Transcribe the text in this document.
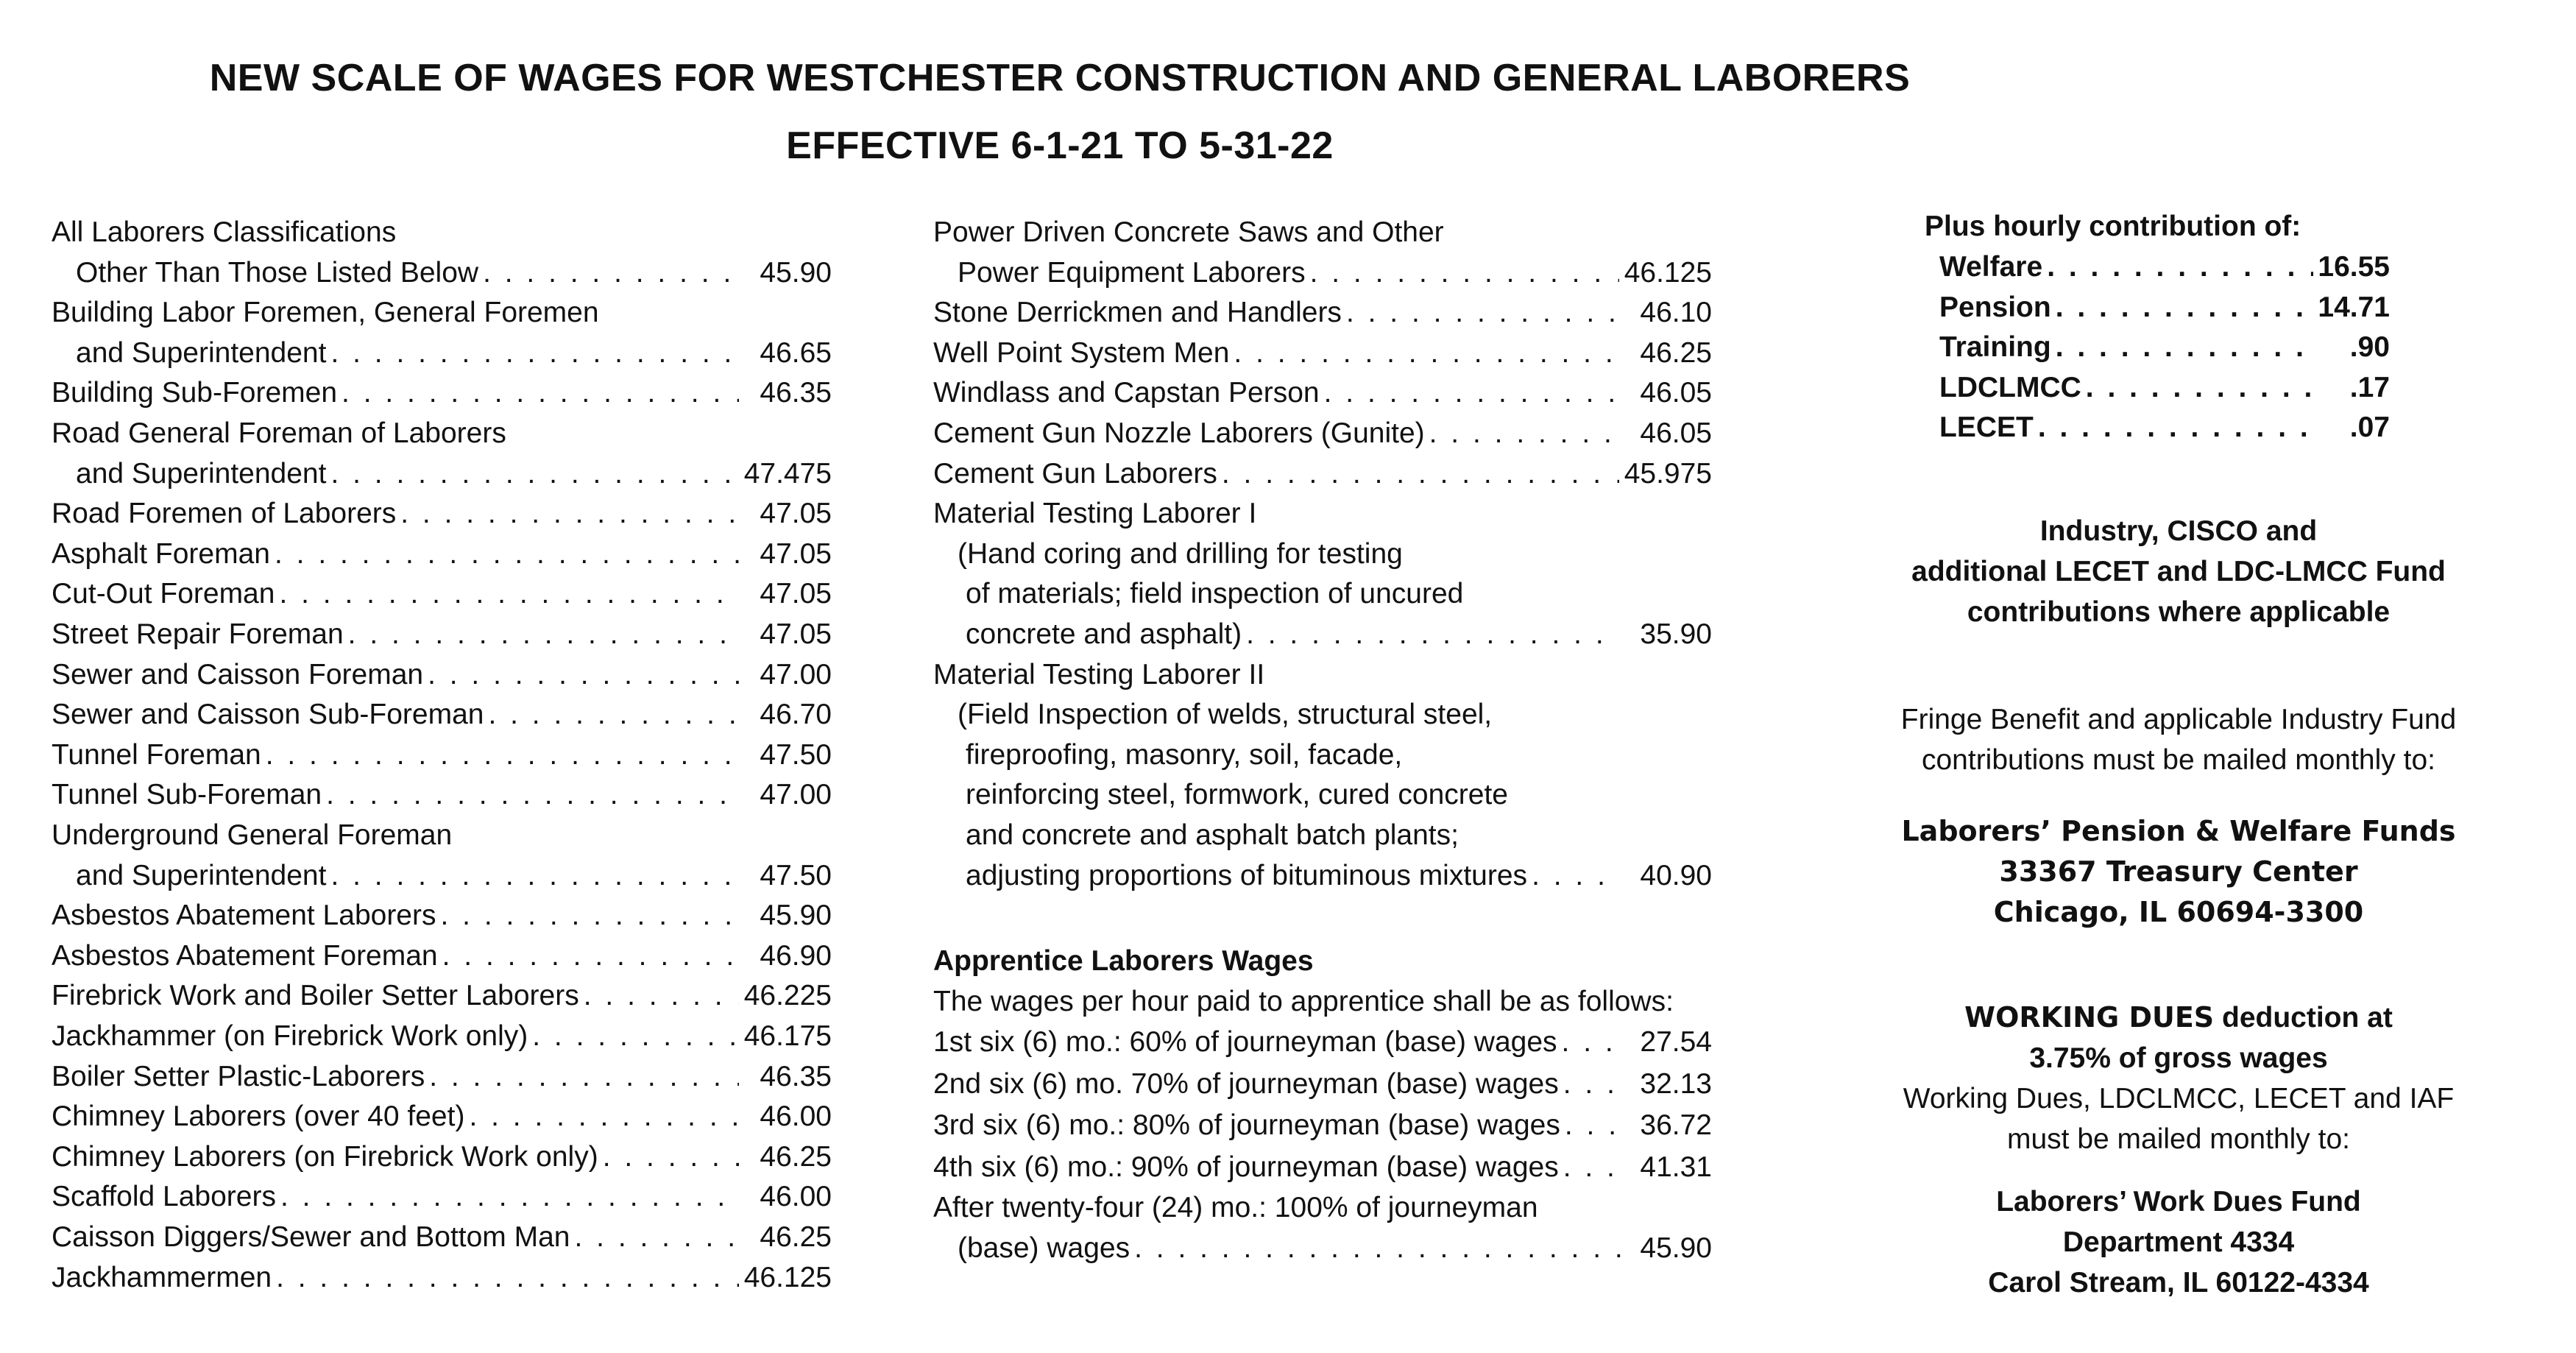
NEW SCALE OF WAGES FOR WESTCHESTER CONSTRUCTION AND GENERAL LABORERS
EFFECTIVE 6-1-21 TO 5-31-22
All Laborers Classifications
Other Than Those Listed Below . . .	45.90
Building Labor Foremen, General Foremen
and Superintendent . . .	46.65
Building Sub-Foremen . . .	46.35
Road General Foreman of Laborers
and Superintendent . . .	47.475
Road Foremen of Laborers . . .	47.05
Asphalt Foreman . . .	47.05
Cut-Out Foreman . . .	47.05
Street Repair Foreman . . .	47.05
Sewer and Caisson Foreman . . .	47.00
Sewer and Caisson Sub-Foreman . . .	46.70
Tunnel Foreman . . .	47.50
Tunnel Sub-Foreman . . .	47.00
Underground General Foreman
and Superintendent . . .	47.50
Asbestos Abatement Laborers . . .	45.90
Asbestos Abatement Foreman . . .	46.90
Firebrick Work and Boiler Setter Laborers . . .	46.225
Jackhammer (on Firebrick Work only) . . .	46.175
Boiler Setter Plastic-Laborers . . .	46.35
Chimney Laborers (over 40 feet) . . .	46.00
Chimney Laborers (on Firebrick Work only) . . .	46.25
Scaffold Laborers . . .	46.00
Caisson Diggers/Sewer and Bottom Man . . .	46.25
Jackhammermen . . .	46.125
Power Driven Concrete Saws and Other
Power Equipment Laborers . . .	46.125
Stone Derrickmen and Handlers . . .	46.10
Well Point System Men . . .	46.25
Windlass and Capstan Person . . .	46.05
Cement Gun Nozzle Laborers (Gunite) . . .	46.05
Cement Gun Laborers . . .	45.975
Material Testing Laborer I
(Hand coring and drilling for testing
of materials; field inspection of uncured
concrete and asphalt) . . .	35.90
Material Testing Laborer II
(Field Inspection of welds, structural steel,
fireproofing, masonry, soil, facade,
reinforcing steel, formwork, cured concrete
and concrete and asphalt batch plants;
adjusting proportions of bituminous mixtures . . .	40.90
Apprentice Laborers Wages
The wages per hour paid to apprentice shall be as follows:
1st six (6) mo.: 60% of journeyman (base) wages . . .	27.54
2nd six (6) mo. 70% of journeyman (base) wages . . .	32.13
3rd six (6) mo.: 80% of journeyman (base) wages . . .	36.72
4th six (6) mo.: 90% of journeyman (base) wages . . .	41.31
After twenty-four (24) mo.: 100% of journeyman
(base) wages . . .	45.90
Plus hourly contribution of:
Welfare . . .	16.55
Pension . . .	14.71
Training . . .	.90
LDCLMCC . . .	.17
LECET . . .	.07
Industry, CISCO and
additional LECET and LDC-LMCC Fund
contributions where applicable
Fringe Benefit and applicable Industry Fund
contributions must be mailed monthly to:
Laborers’ Pension & Welfare Funds
33367 Treasury Center
Chicago, IL 60694-3300
WORKING DUES deduction at
3.75% of gross wages
Working Dues, LDCLMCC, LECET and IAF
must be mailed monthly to:
Laborers’ Work Dues Fund
Department 4334
Carol Stream, IL 60122-4334
